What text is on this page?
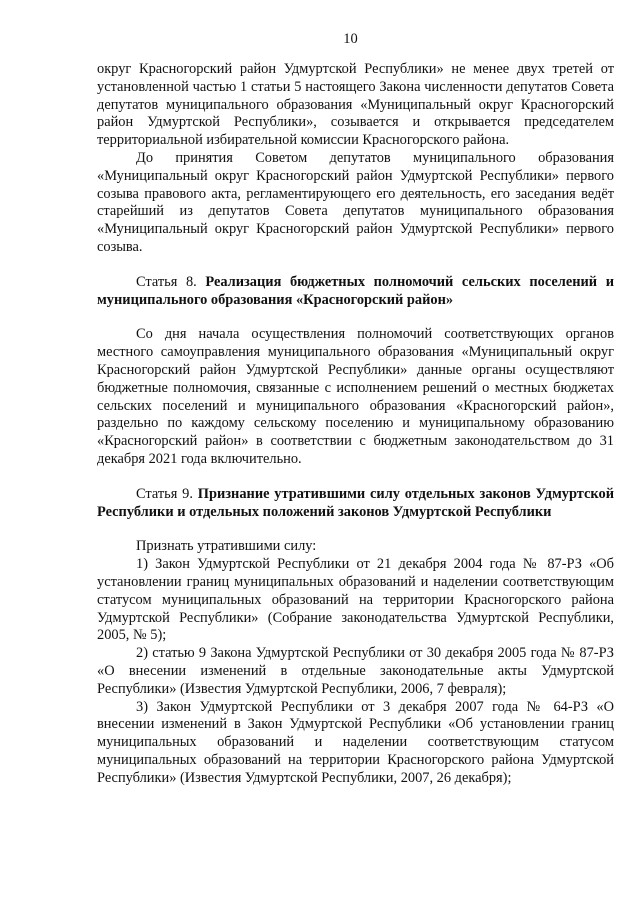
10

округ Красногорский район Удмуртской Республики» не менее двух третей от установленной частью 1 статьи 5 настоящего Закона численности депутатов Совета депутатов муниципального образования «Муниципальный округ Красногорский район Удмуртской Республики», созывается и открывается председателем территориальной избирательной комиссии Красногорского района.

До принятия Советом депутатов муниципального образования «Муниципальный округ Красногорский район Удмуртской Республики» первого созыва правового акта, регламентирующего его деятельность, его заседания ведёт старейший из депутатов Совета депутатов муниципального образования «Муниципальный округ Красногорский район Удмуртской Республики» первого созыва.

Статья 8. Реализация бюджетных полномочий сельских поселений и муниципального образования «Красногорский район»

Со дня начала осуществления полномочий соответствующих органов местного самоуправления муниципального образования «Муниципальный округ Красногорский район Удмуртской Республики» данные органы осуществляют бюджетные полномочия, связанные с исполнением решений о местных бюджетах сельских поселений и муниципального образования «Красногорский район», раздельно по каждому сельскому поселению и муниципальному образованию «Красногорский район» в соответствии с бюджетным законодательством до 31 декабря 2021 года включительно.

Статья 9. Признание утратившими силу отдельных законов Удмуртской Республики и отдельных положений законов Удмуртской Республики

Признать утратившими силу:

1) Закон Удмуртской Республики от 21 декабря 2004 года № 87-РЗ «Об установлении границ муниципальных образований и наделении соответствующим статусом муниципальных образований на территории Красногорского района Удмуртской Республики» (Собрание законодательства Удмуртской Республики, 2005, № 5);

2) статью 9 Закона Удмуртской Республики от 30 декабря 2005 года № 87-РЗ «О внесении изменений в отдельные законодательные акты Удмуртской Республики» (Известия Удмуртской Республики, 2006, 7 февраля);

3) Закон Удмуртской Республики от 3 декабря 2007 года № 64-РЗ «О внесении изменений в Закон Удмуртской Республики «Об установлении границ муниципальных образований и наделении соответствующим статусом муниципальных образований на территории Красногорского района Удмуртской Республики» (Известия Удмуртской Республики, 2007, 26 декабря);
